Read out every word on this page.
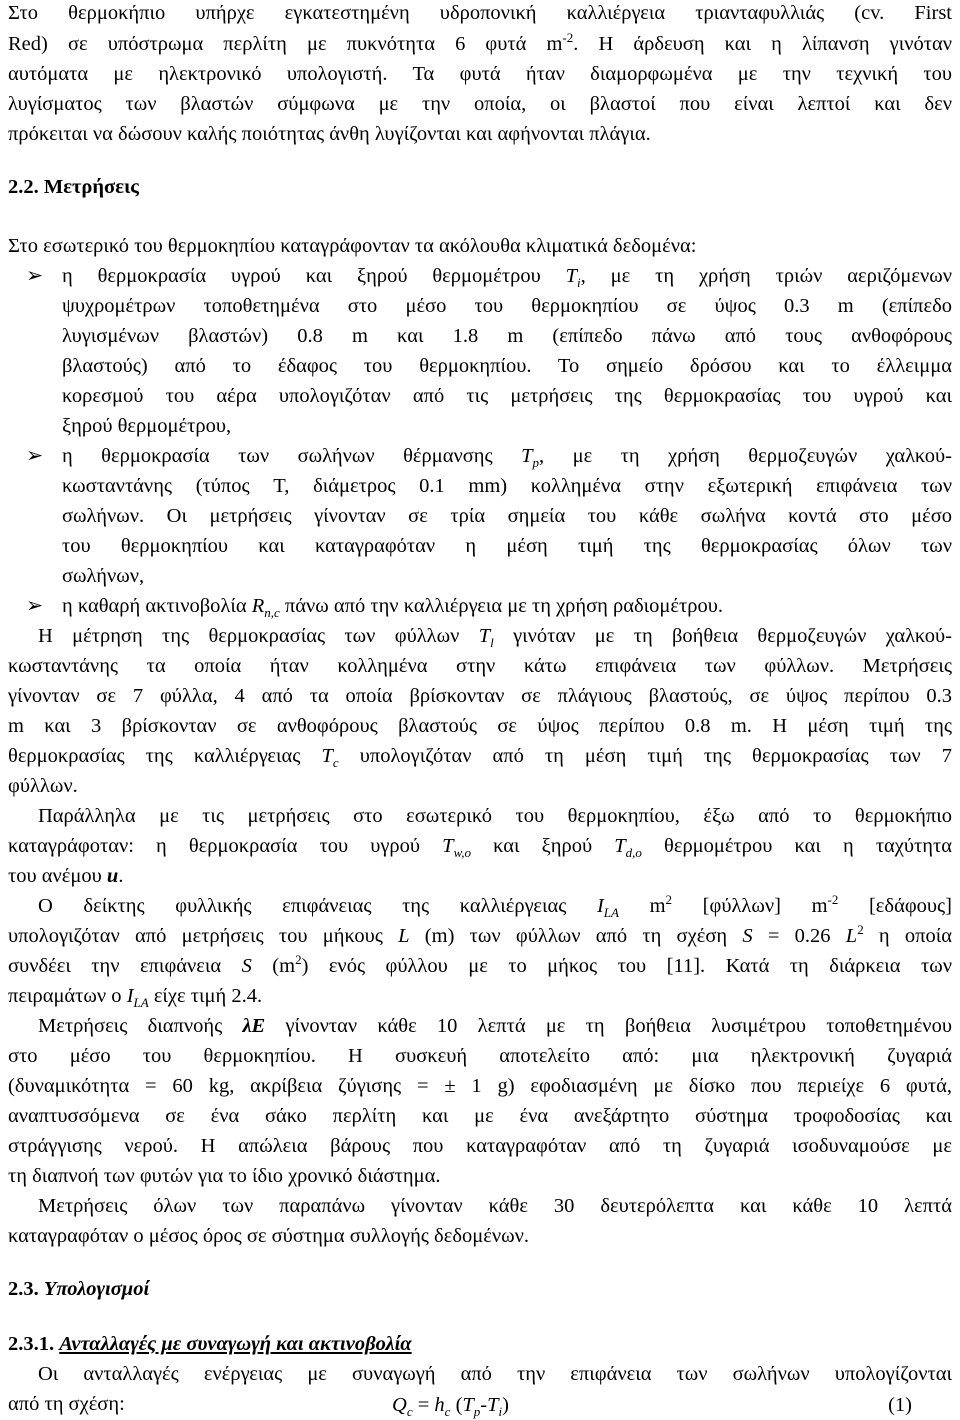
Στο θερμοκήπιο υπήρχε εγκατεστημένη υδροπονική καλλιέργεια τριανταφυλλιάς (cv. First
Red) σε υπόστρωμα περλίτη με πυκνότητα 6 φυτά $m^{-2}$. Η άρδευση και η λίπανση γινόταν
αυτόματα με ηλεκτρονικό υπολογιστή. Τα φυτά ήταν διαμορφωμένα με την τεχνική του
λυγίσματος των βλαστών σύμφωνα με την οποία, οι βλαστοί που είναι λεπτοί και δεν
πρόκειται να δώσουν καλής ποιότητας άνθη λυγίζονται και αφήνονται πλάγια.
2.2. Μετρήσεις
Στο εσωτερικό του θερμοκηπίου καταγράφονταν τα ακόλουθα κλιματικά δεδομένα:
➢ η θερμοκρασία υγρού και ξηρού θερμομέτρου $T_i$, με τη χρήση τριών αεριζόμενων
ψυχρομέτρων τοποθετημένα στο μέσο του θερμοκηπίου σε ύψος 0.3 m (επίπεδο
λυγισμένων βλαστών) 0.8 m και 1.8 m (επίπεδο πάνω από τους ανθοφόρους
βλαστούς) από το έδαφος του θερμοκηπίου. Το σημείο δρόσου και το έλλειμμα
κορεσμού του αέρα υπολογιζόταν από τις μετρήσεις της θερμοκρασίας του υγρού και
ξηρού θερμομέτρου,
➢ η θερμοκρασία των σωλήνων θέρμανσης $T_p$, με τη χρήση θερμοζευγών χαλκού-
κωσταντάνης (τύπος T, διάμετρος 0.1 mm) κολλημένα στην εξωτερική επιφάνεια των
σωλήνων. Οι μετρήσεις γίνονταν σε τρία σημεία του κάθε σωλήνα κοντά στο μέσο
του θερμοκηπίου και καταγραφόταν η μέση τιμή της θερμοκρασίας όλων των
σωλήνων,
➢ η καθαρή ακτινοβολία $R_{n,c}$ πάνω από την καλλιέργεια με τη χρήση ραδιομέτρου.
Η μέτρηση της θερμοκρασίας των φύλλων $T_l$ γινόταν με τη βοήθεια θερμοζευγών χαλκού-
κωσταντάνης τα οποία ήταν κολλημένα στην κάτω επιφάνεια των φύλλων. Μετρήσεις
γίνονταν σε 7 φύλλα, 4 από τα οποία βρίσκονταν σε πλάγιους βλαστούς, σε ύψος περίπου 0.3
m και 3 βρίσκονταν σε ανθοφόρους βλαστούς σε ύψος περίπου 0.8 m. Η μέση τιμή της
θερμοκρασίας της καλλιέργειας $T_c$ υπολογιζόταν από τη μέση τιμή της θερμοκρασίας των 7
φύλλων.
Παράλληλα με τις μετρήσεις στο εσωτερικό του θερμοκηπίου, έξω από το θερμοκήπιο
καταγράφοταν: η θερμοκρασία του υγρού $T_{w,o}$ και ξηρού $T_{d,o}$ θερμομέτρου και η ταχύτητα
του ανέμου u.
Ο δείκτης φυλλικής επιφάνειας της καλλιέργειας $I_{LA}$ $m^2$ [φύλλων] $m^{-2}$ [εδάφους]
υπολογιζόταν από μετρήσεις του μήκους L (m) των φύλλων από τη σχέση S = 0.26 $L^2$ η οποία
συνδέει την επιφάνεια S $(m^2)$ ενός φύλλου με το μήκος του [11]. Κατά τη διάρκεια των
πειραμάτων ο $I_{LA}$ είχε τιμή 2.4.
Μετρήσεις διαπνοής λE γίνονταν κάθε 10 λεπτά με τη βοήθεια λυσιμέτρου τοποθετημένου
στο μέσο του θερμοκηπίου. Η συσκευή αποτελείτο από: μια ηλεκτρονική ζυγαριά
(δυναμικότητα = 60 kg, ακρίβεια ζύγισης = ± 1 g) εφοδιασμένη με δίσκο που περιείχε 6 φυτά,
αναπτυσσόμενα σε ένα σάκο περλίτη και με ένα ανεξάρτητο σύστημα τροφοδοσίας και
στράγγισης νερού. Η απώλεια βάρους που καταγραφόταν από τη ζυγαριά ισοδυναμούσε με
τη διαπνοή των φυτών για το ίδιο χρονικό διάστημα.
Μετρήσεις όλων των παραπάνω γίνονταν κάθε 30 δευτερόλεπτα και κάθε 10 λεπτά
καταγραφόταν ο μέσος όρος σε σύστημα συλλογής δεδομένων.
2.3. Υπολογισμοί
2.3.1. Ανταλλαγές με συναγωγή και ακτινοβολία
Οι ανταλλαγές ενέργειας με συναγωγή από την επιφάνεια των σωλήνων υπολογίζονται
από τη σχέση:	$Q_c = h_c$ $(T_p-T_i)$	(1)
